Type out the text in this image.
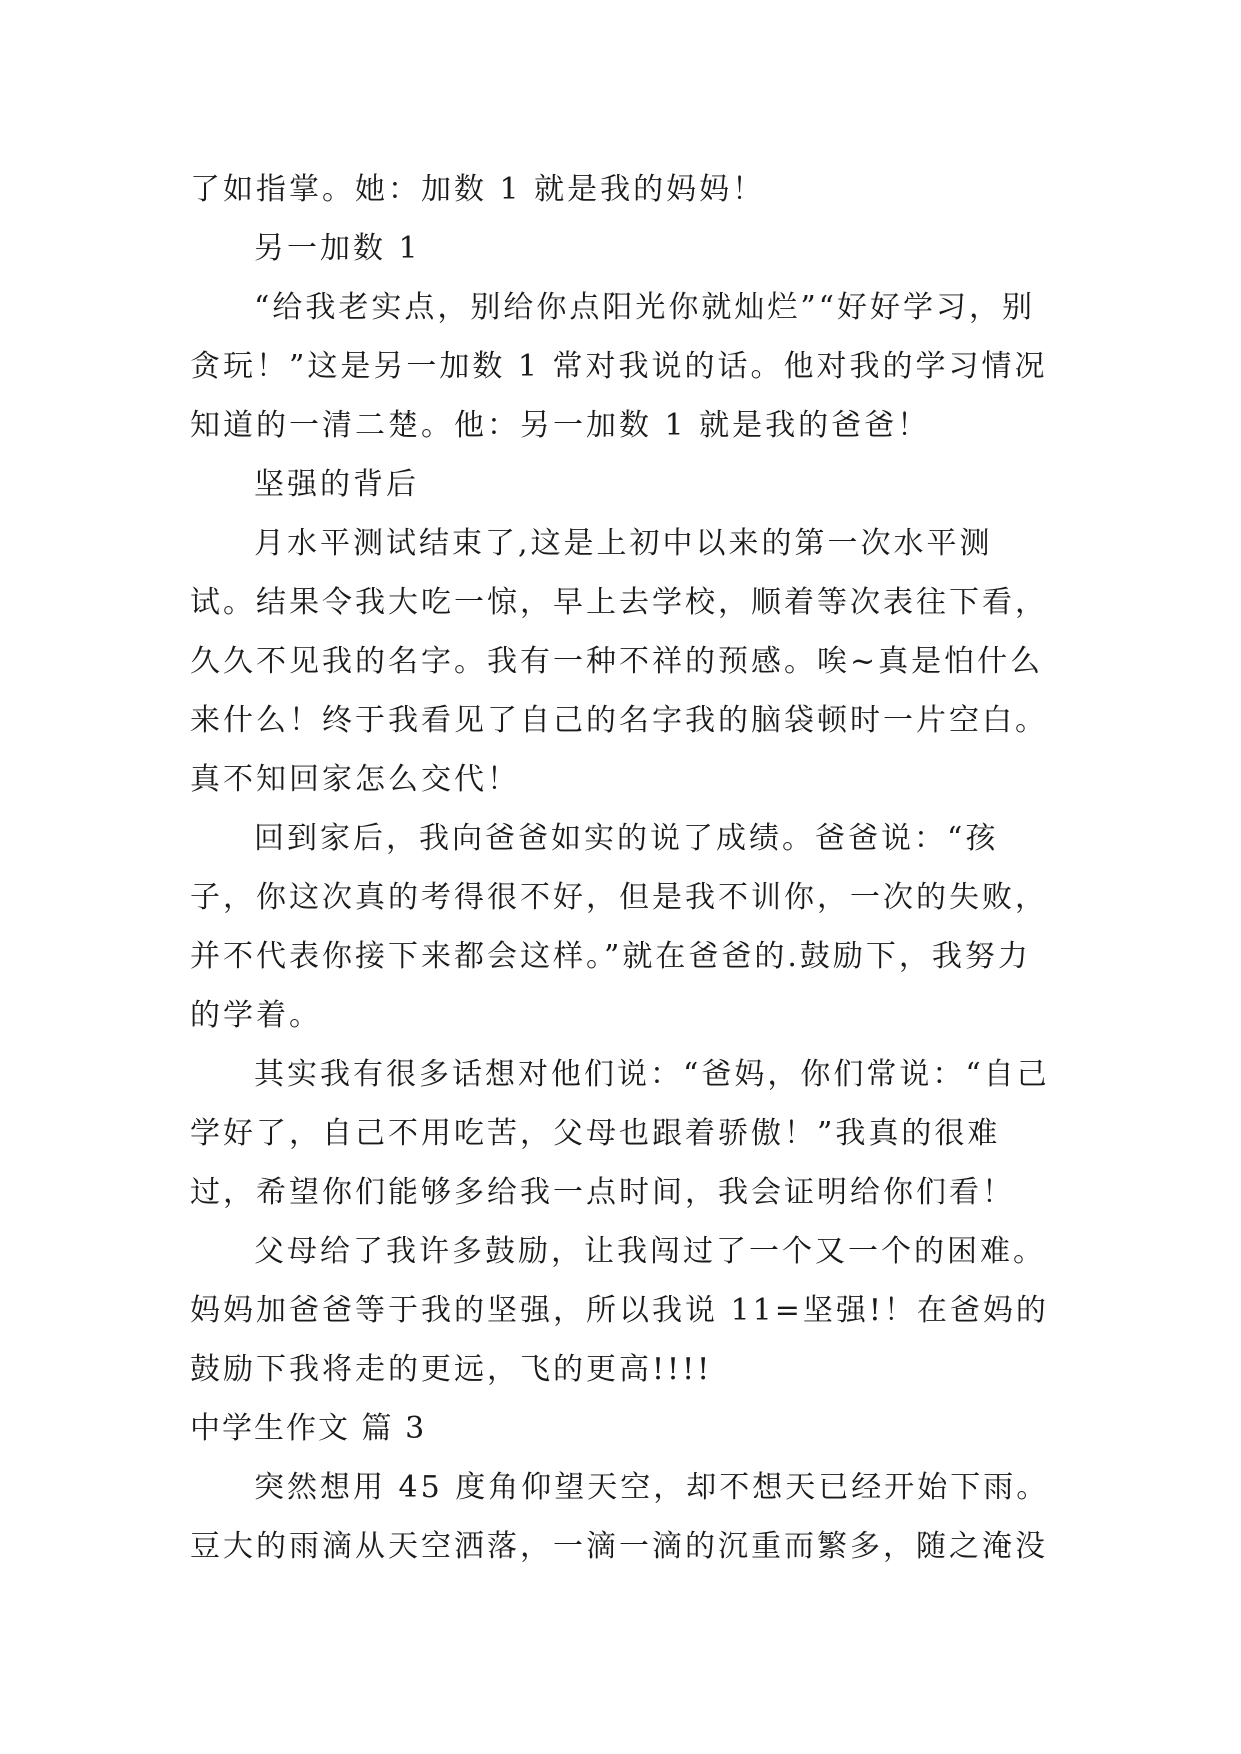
了如指掌。她：加数 1 就是我的妈妈！

另一加数 1

“给我老实点，别给你点阳光你就灿烂”“好好学习，别贪玩！”这是另一加数 1 常对我说的话。他对我的学习情况知道的一清二楚。他：另一加数 1 就是我的爸爸！

坚强的背后

月水平测试结束了,这是上初中以来的第一次水平测试。结果令我大吃一惊，早上去学校，顺着等次表往下看，久久不见我的名字。我有一种不祥的预感。唉~真是怕什么来什么！终于我看见了自己的名字我的脑袋顿时一片空白。真不知回家怎么交代！

回到家后，我向爸爸如实的说了成绩。爸爸说：“孩子，你这次真的考得很不好，但是我不训你，一次的失败，并不代表你接下来都会这样。”就在爸爸的.鼓励下，我努力的学着。

其实我有很多话想对他们说：“爸妈，你们常说：“自己学好了，自己不用吃苦，父母也跟着骄傲！”我真的很难过，希望你们能够多给我一点时间，我会证明给你们看！

父母给了我许多鼓励，让我闯过了一个又一个的困难。妈妈加爸爸等于我的坚强，所以我说 11=坚强!！在爸妈的鼓励下我将走的更远，飞的更高!!!!

中学生作文 篇 3

突然想用 45 度角仰望天空，却不想天已经开始下雨。豆大的雨滴从天空洒落，一滴一滴的沉重而繁多，随之淹没
